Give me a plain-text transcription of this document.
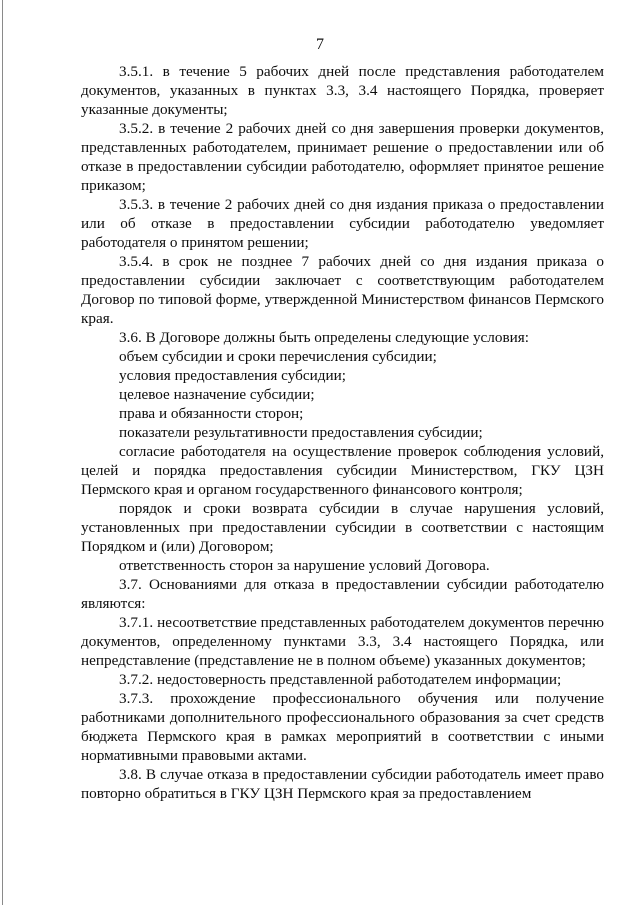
7

3.5.1. в течение 5 рабочих дней после представления работодателем документов, указанных в пунктах 3.3, 3.4 настоящего Порядка, проверяет указанные документы;

3.5.2. в течение 2 рабочих дней со дня завершения проверки документов, представленных работодателем, принимает решение о предоставлении или об отказе в предоставлении субсидии работодателю, оформляет принятое решение приказом;

3.5.3. в течение 2 рабочих дней со дня издания приказа о предоставлении или об отказе в предоставлении субсидии работодателю уведомляет работодателя о принятом решении;

3.5.4. в срок не позднее 7 рабочих дней со дня издания приказа о предоставлении субсидии заключает с соответствующим работодателем Договор по типовой форме, утвержденной Министерством финансов Пермского края.

3.6. В Договоре должны быть определены следующие условия:

объем субсидии и сроки перечисления субсидии;

условия предоставления субсидии;

целевое назначение субсидии;

права и обязанности сторон;

показатели результативности предоставления субсидии;

согласие работодателя на осуществление проверок соблюдения условий, целей и порядка предоставления субсидии Министерством, ГКУ ЦЗН Пермского края и органом государственного финансового контроля;

порядок и сроки возврата субсидии в случае нарушения условий, установленных при предоставлении субсидии в соответствии с настоящим Порядком и (или) Договором;

ответственность сторон за нарушение условий Договора.

3.7. Основаниями для отказа в предоставлении субсидии работодателю являются:

3.7.1. несоответствие представленных работодателем документов перечню документов, определенному пунктами 3.3, 3.4 настоящего Порядка, или непредставление (представление не в полном объеме) указанных документов;

3.7.2. недостоверность представленной работодателем информации;

3.7.3. прохождение профессионального обучения или получение работниками дополнительного профессионального образования за счет средств бюджета Пермского края в рамках мероприятий в соответствии с иными нормативными правовыми актами.

3.8. В случае отказа в предоставлении субсидии работодатель имеет право повторно обратиться в ГКУ ЦЗН Пермского края за предоставлением
